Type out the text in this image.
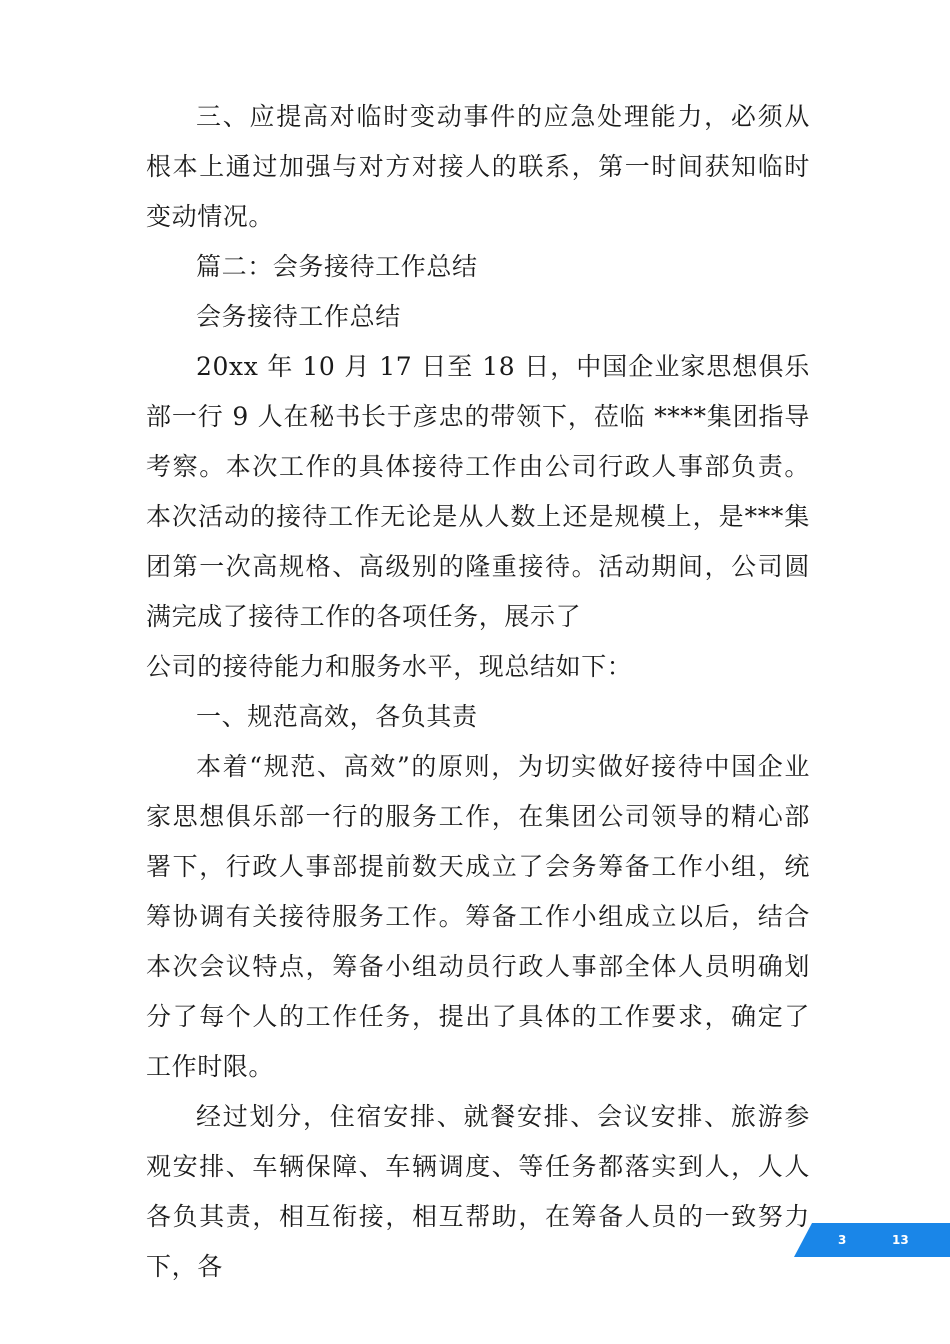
三、应提高对临时变动事件的应急处理能力，必须从根本上通过加强与对方对接人的联系，第一时间获知临时变动情况。

篇二：会务接待工作总结

会务接待工作总结

20xx 年 10 月 17 日至 18 日，中国企业家思想俱乐部一行 9 人在秘书长于彦忠的带领下，莅临 ****集团指导考察。本次工作的具体接待工作由公司行政人事部负责。本次活动的接待工作无论是从人数上还是规模上，是***集团第一次高规格、高级别的隆重接待。活动期间，公司圆满完成了接待工作的各项任务，展示了

公司的接待能力和服务水平，现总结如下：

一、规范高效，各负其责

本着“规范、高效”的原则，为切实做好接待中国企业家思想俱乐部一行的服务工作，在集团公司领导的精心部署下，行政人事部提前数天成立了会务筹备工作小组，统筹协调有关接待服务工作。筹备工作小组成立以后，结合本次会议特点，筹备小组动员行政人事部全体人员明确划分了每个人的工作任务，提出了具体的工作要求，确定了工作时限。

经过划分，住宿安排、就餐安排、会议安排、旅游参观安排、车辆保障、车辆调度、等任务都落实到人，人人各负其责，相互衔接，相互帮助，在筹备人员的一致努力下，各

3	13
